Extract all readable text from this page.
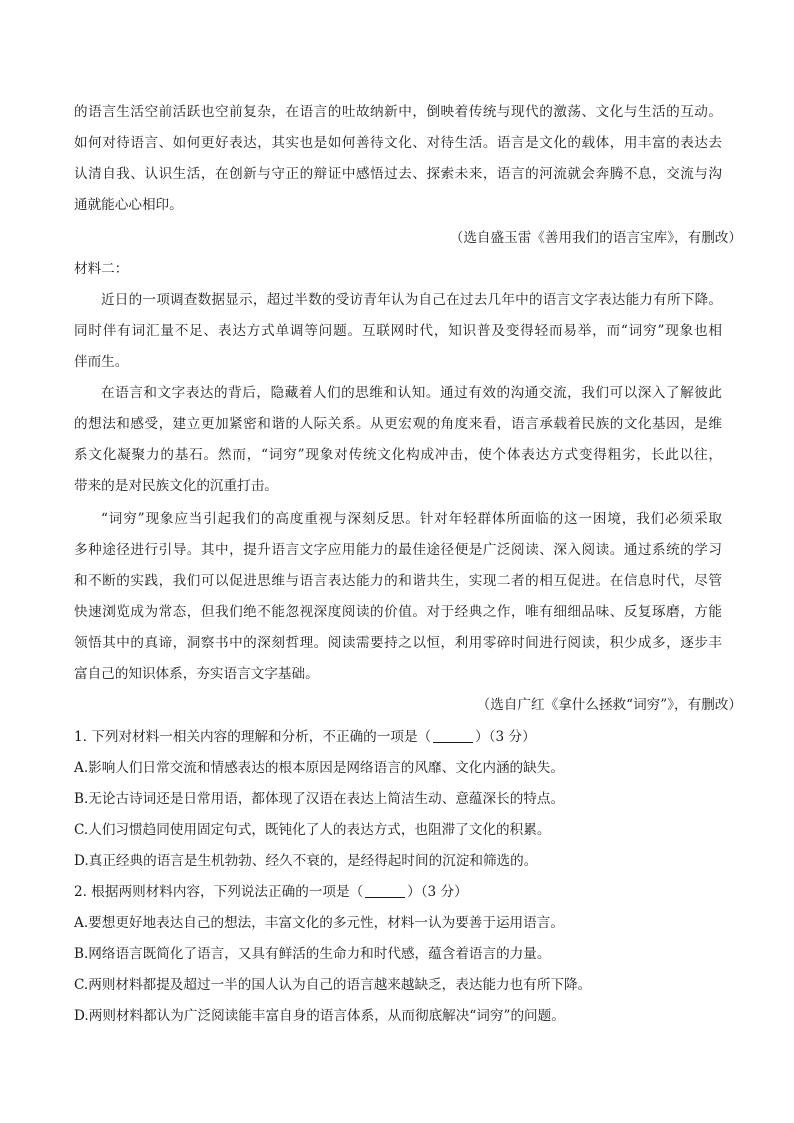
的语言生活空前活跃也空前复杂，在语言的吐故纳新中，倒映着传统与现代的激荡、文化与生活的互动。
如何对待语言、如何更好表达，其实也是如何善待文化、对待生活。语言是文化的载体，用丰富的表达去
认清自我、认识生活，在创新与守正的辩证中感悟过去、探索未来，语言的河流就会奔腾不息，交流与沟
通就能心心相印。
（选自盛玉雷《善用我们的语言宝库》，有删改）
材料二：
近日的一项调查数据显示，超过半数的受访青年认为自己在过去几年中的语言文字表达能力有所下降。
同时伴有词汇量不足、表达方式单调等问题。互联网时代，知识普及变得轻而易举，而“词穷”现象也相
伴而生。
在语言和文字表达的背后，隐藏着人们的思维和认知。通过有效的沟通交流，我们可以深入了解彼此
的想法和感受，建立更加紧密和谐的人际关系。从更宏观的角度来看，语言承载着民族的文化基因，是维
系文化凝聚力的基石。然而，“词穷”现象对传统文化构成冲击，使个体表达方式变得粗劣，长此以往，
带来的是对民族文化的沉重打击。
“词穷”现象应当引起我们的高度重视与深刻反思。针对年轻群体所面临的这一困境，我们必须采取
多种途径进行引导。其中，提升语言文字应用能力的最佳途径便是广泛阅读、深入阅读。通过系统的学习
和不断的实践，我们可以促进思维与语言表达能力的和谐共生，实现二者的相互促进。在信息时代，尽管
快速浏览成为常态，但我们绝不能忽视深度阅读的价值。对于经典之作，唯有细细品味、反复琢磨，方能
领悟其中的真谛，洞察书中的深刻哲理。阅读需要持之以恒，利用零碎时间进行阅读，积少成多，逐步丰
富自己的知识体系，夯实语言文字基础。
（选自广红《拿什么拯救“词穷”》，有删改）
1. 下列对材料一相关内容的理解和分析，不正确的一项是（	）（3 分）
A.影响人们日常交流和情感表达的根本原因是网络语言的风靡、文化内涵的缺失。
B.无论古诗词还是日常用语，都体现了汉语在表达上简洁生动、意蕴深长的特点。
C.人们习惯趋同使用固定句式，既钝化了人的表达方式，也阻滞了文化的积累。
D.真正经典的语言是生机勃勃、经久不衰的，是经得起时间的沉淀和筛选的。
2. 根据两则材料内容，下列说法正确的一项是（	）（3 分）
A.要想更好地表达自己的想法，丰富文化的多元性，材料一认为要善于运用语言。
B.网络语言既简化了语言，又具有鲜活的生命力和时代感，蕴含着语言的力量。
C.两则材料都提及超过一半的国人认为自己的语言越来越缺乏，表达能力也有所下降。
D.两则材料都认为广泛阅读能丰富自身的语言体系，从而彻底解决“词穷”的问题。
